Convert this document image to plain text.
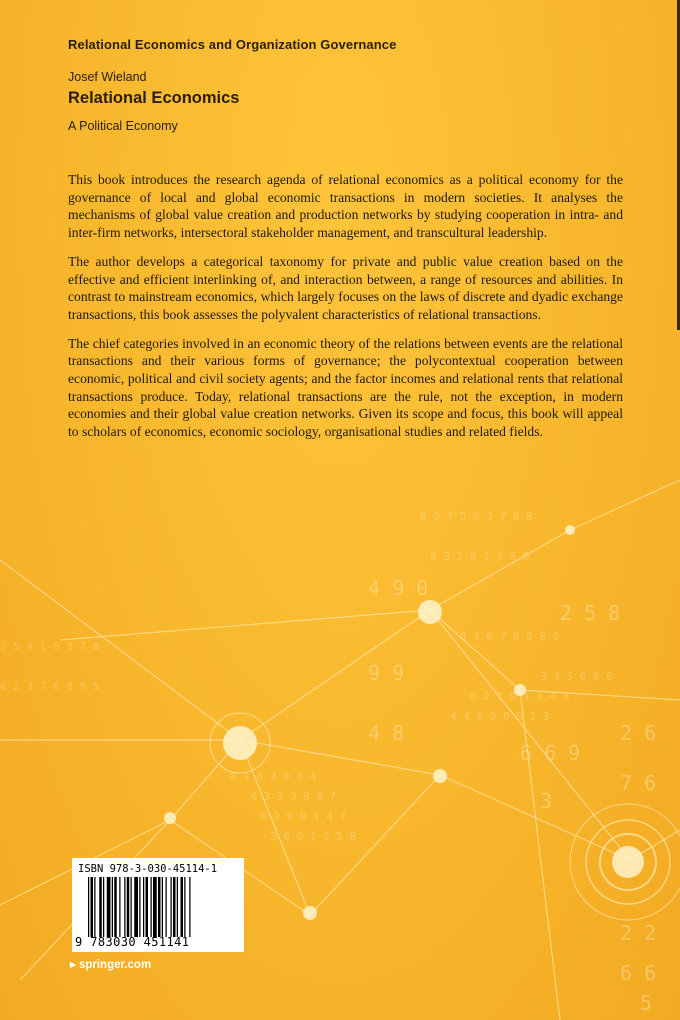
4 9 0
9 9
4 8
6 6 9
2 5 8
2 6
7 6
2 2
6 6
5
3
8 0 7 5 9 3 7 8 8
9 3 2 0 1 9 5 0
8 4 6 7 8 5 9 9
6 2 1 9 1 4 4 8
4 4 6 0 0 9 1 3
8 1 8 2 9 8 4
4 3 3 3 9 9 7
0 2 9 9 1 4 7
3 9 6 1 5 5 8
2 5 4 1 6 3 7 0
6 2 3 7 6 0 9 5
3 4 5 6 6 6
Relational Economics and Organization Governance
Josef Wieland
Relational Economics
A Political Economy

This book introduces the research agenda of relational economics as a political economy for the governance of local and global economic transactions in modern societies. It analyses the mechanisms of global value creation and production networks by studying cooperation in intra- and inter-firm networks, intersectoral stakeholder management, and transcultural leadership.

The author develops a categorical taxonomy for private and public value creation based on the effective and efficient interlinking of, and interaction between, a range of resources and abilities. In contrast to mainstream economics, which largely focuses on the laws of discrete and dyadic exchange transactions, this book assesses the polyvalent characteristics of relational transactions.

The chief categories involved in an economic theory of the relations between events are the relational transactions and their various forms of governance; the polycontextual cooperation between economic, political and civil society agents; and the factor incomes and relational rents that relational transactions produce. Today, relational transactions are the rule, not the exception, in modern economies and their global value creation networks. Given its scope and focus, this book will appeal to scholars of economics, economic sociology, organisational studies and related fields.

ISBN 978-3-030-45114-1
9 783030 451141
▸ springer.com
